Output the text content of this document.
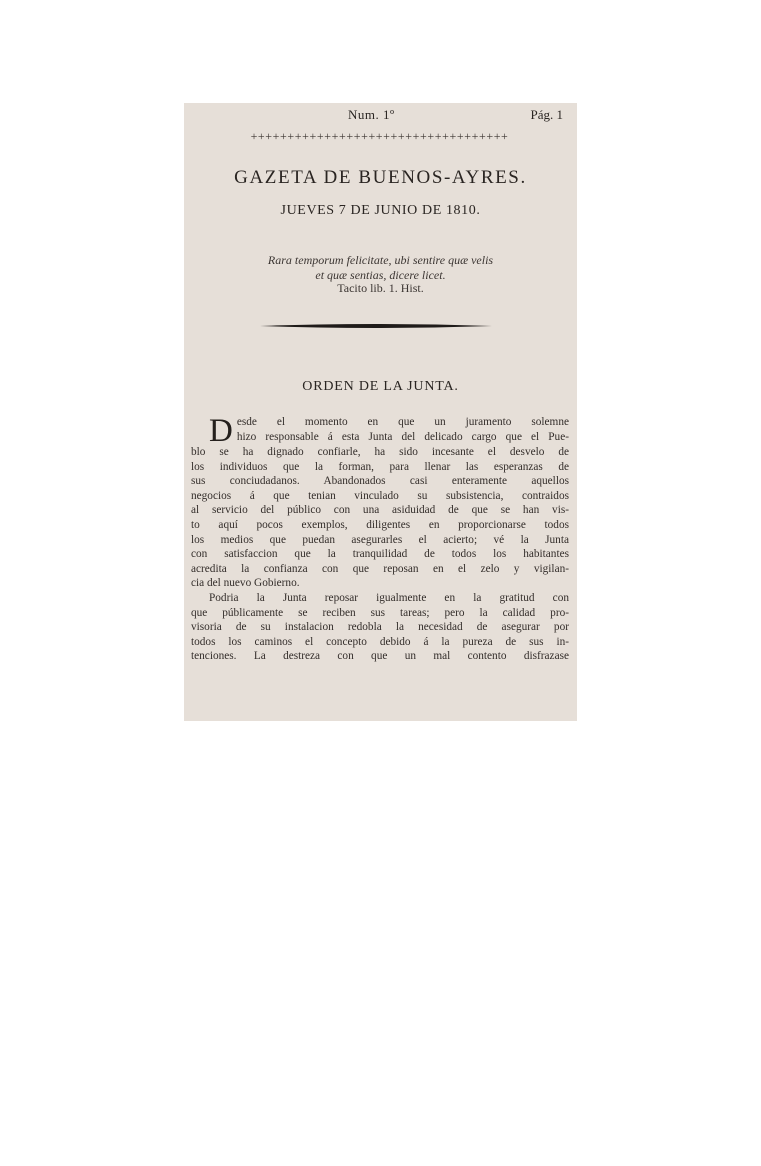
Num. 1º	Pág. 1
+++++++++++++++++++++++++++++++++++
GAZETA DE BUENOS-AYRES.
JUEVES 7 DE JUNIO DE 1810.
Rara temporum felicitate, ubi sentire quæ velis
et quæ sentias, dicere licet.
Tacito lib. 1. Hist.
ORDEN DE LA JUNTA.
D esde el momento en que un juramento solemne
hizo responsable á esta Junta del delicado cargo que el Pue-
blo se ha dignado confiarle, ha sido incesante el desvelo de
los individuos que la forman, para llenar las esperanzas de
sus conciudadanos. Abandonados casi enteramente aquellos
negocios á que tenian vinculado su subsistencia, contraidos
al servicio del público con una asiduidad de que se han vis-
to aquí pocos exemplos, diligentes en proporcionarse todos
los medios que puedan asegurarles el acierto; vé la Junta
con satisfaccion que la tranquilidad de todos los habitantes
acredita la confianza con que reposan en el zelo y vigilan-
cia del nuevo Gobierno.
Podria la Junta reposar igualmente en la gratitud con
que públicamente se reciben sus tareas; pero la calidad pro-
visoria de su instalacion redobla la necesidad de asegurar por
todos los caminos el concepto debido á la pureza de sus in-
tenciones. La destreza con que un mal contento disfrazase
